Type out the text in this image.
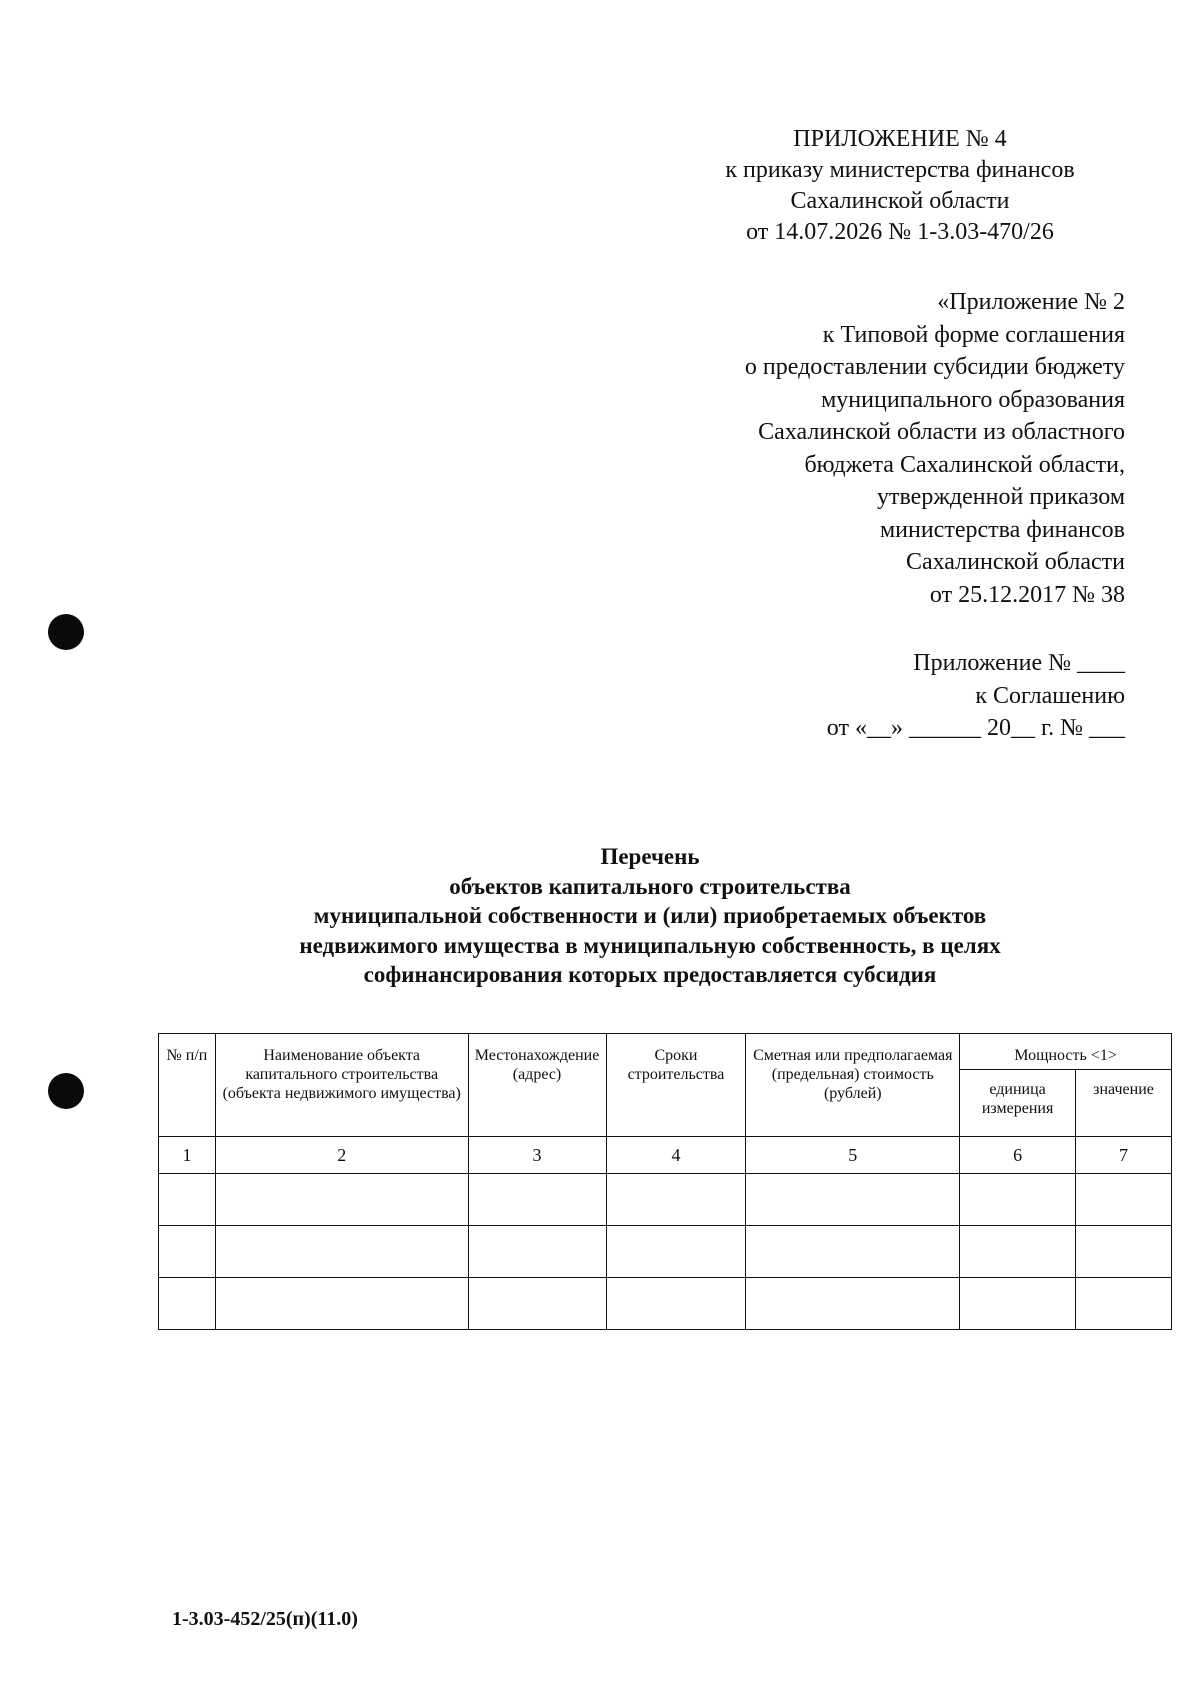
ПРИЛОЖЕНИЕ № 4
к приказу министерства финансов
Сахалинской области
от 14.07.2026 № 1-3.03-470/26
«Приложение № 2
к Типовой форме соглашения
о предоставлении субсидии бюджету
муниципального образования
Сахалинской области из областного
бюджета Сахалинской области,
утвержденной приказом
министерства финансов
Сахалинской области
от 25.12.2017 № 38
Приложение № ____
к Соглашению
от «__» ______ 20__ г. № ___
Перечень
объектов капитального строительства
муниципальной собственности и (или) приобретаемых объектов
недвижимого имущества в муниципальную собственность, в целях
софинансирования которых предоставляется субсидия
№ п/п	Наименование объекта капитального строительства (объекта недвижимого имущества)	Местонахождение (адрес)	Сроки строительства	Сметная или предполагаемая (предельная) стоимость (рублей)	Мощность <1>	
					единица измерения	значение
1	2	3	4	5	6	7

1-3.03-452/25(п)(11.0)
